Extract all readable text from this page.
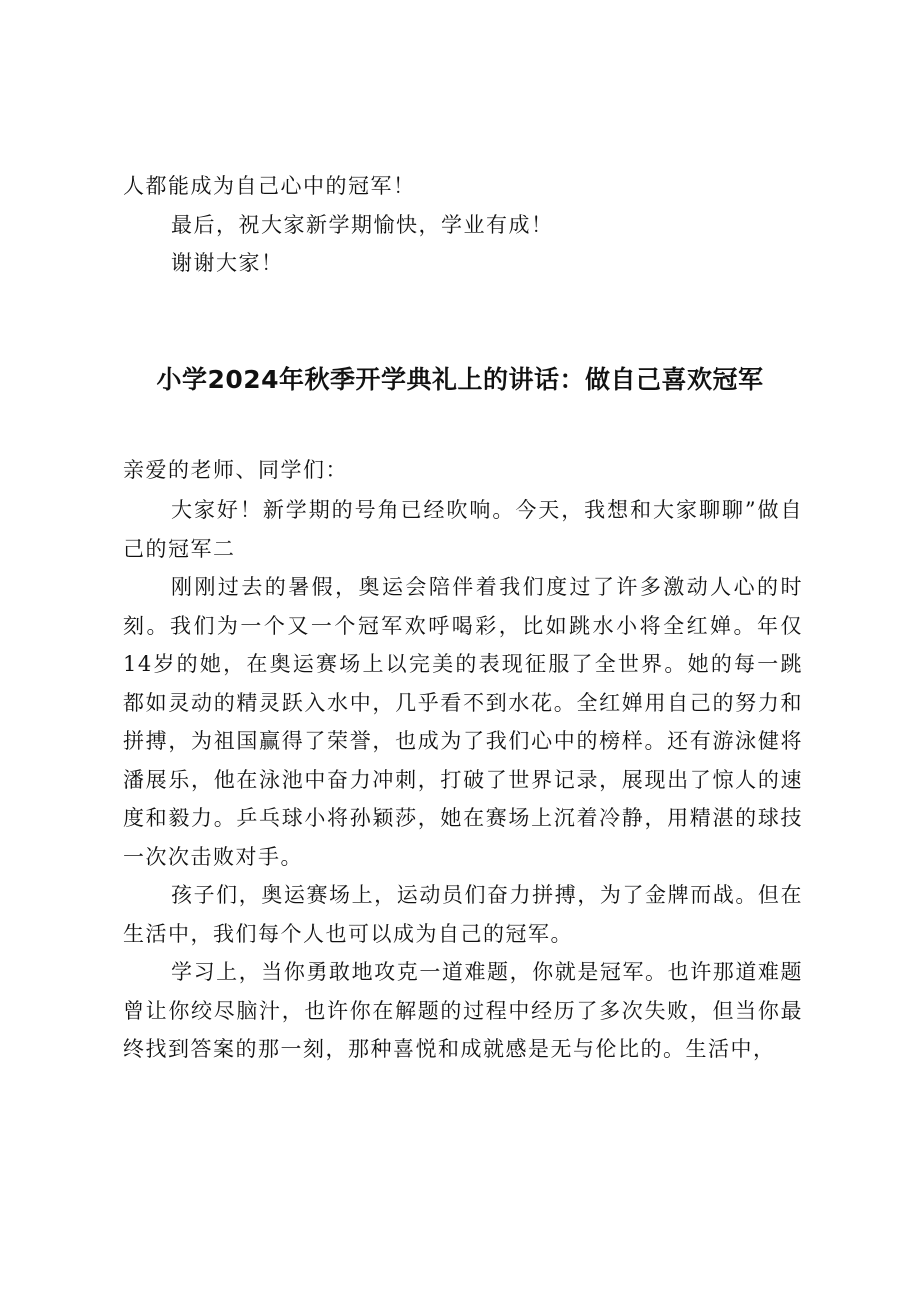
人都能成为自己心中的冠军！

最后，祝大家新学期愉快，学业有成！

谢谢大家！

小学2024年秋季开学典礼上的讲话：做自己喜欢冠军

亲爱的老师、同学们：

大家好！新学期的号角已经吹响。今天，我想和大家聊聊”做自己的冠军二

刚刚过去的暑假，奥运会陪伴着我们度过了许多激动人心的时刻。我们为一个又一个冠军欢呼喝彩，比如跳水小将全红婵。年仅14岁的她，在奥运赛场上以完美的表现征服了全世界。她的每一跳都如灵动的精灵跃入水中，几乎看不到水花。全红婵用自己的努力和拼搏，为祖国赢得了荣誉，也成为了我们心中的榜样。还有游泳健将潘展乐，他在泳池中奋力冲刺，打破了世界记录，展现出了惊人的速度和毅力。乒乓球小将孙颖莎，她在赛场上沉着冷静，用精湛的球技一次次击败对手。

孩子们，奥运赛场上，运动员们奋力拼搏，为了金牌而战。但在生活中，我们每个人也可以成为自己的冠军。

学习上，当你勇敢地攻克一道难题，你就是冠军。也许那道难题曾让你绞尽脑汁，也许你在解题的过程中经历了多次失败，但当你最终找到答案的那一刻，那种喜悦和成就感是无与伦比的。生活中，
